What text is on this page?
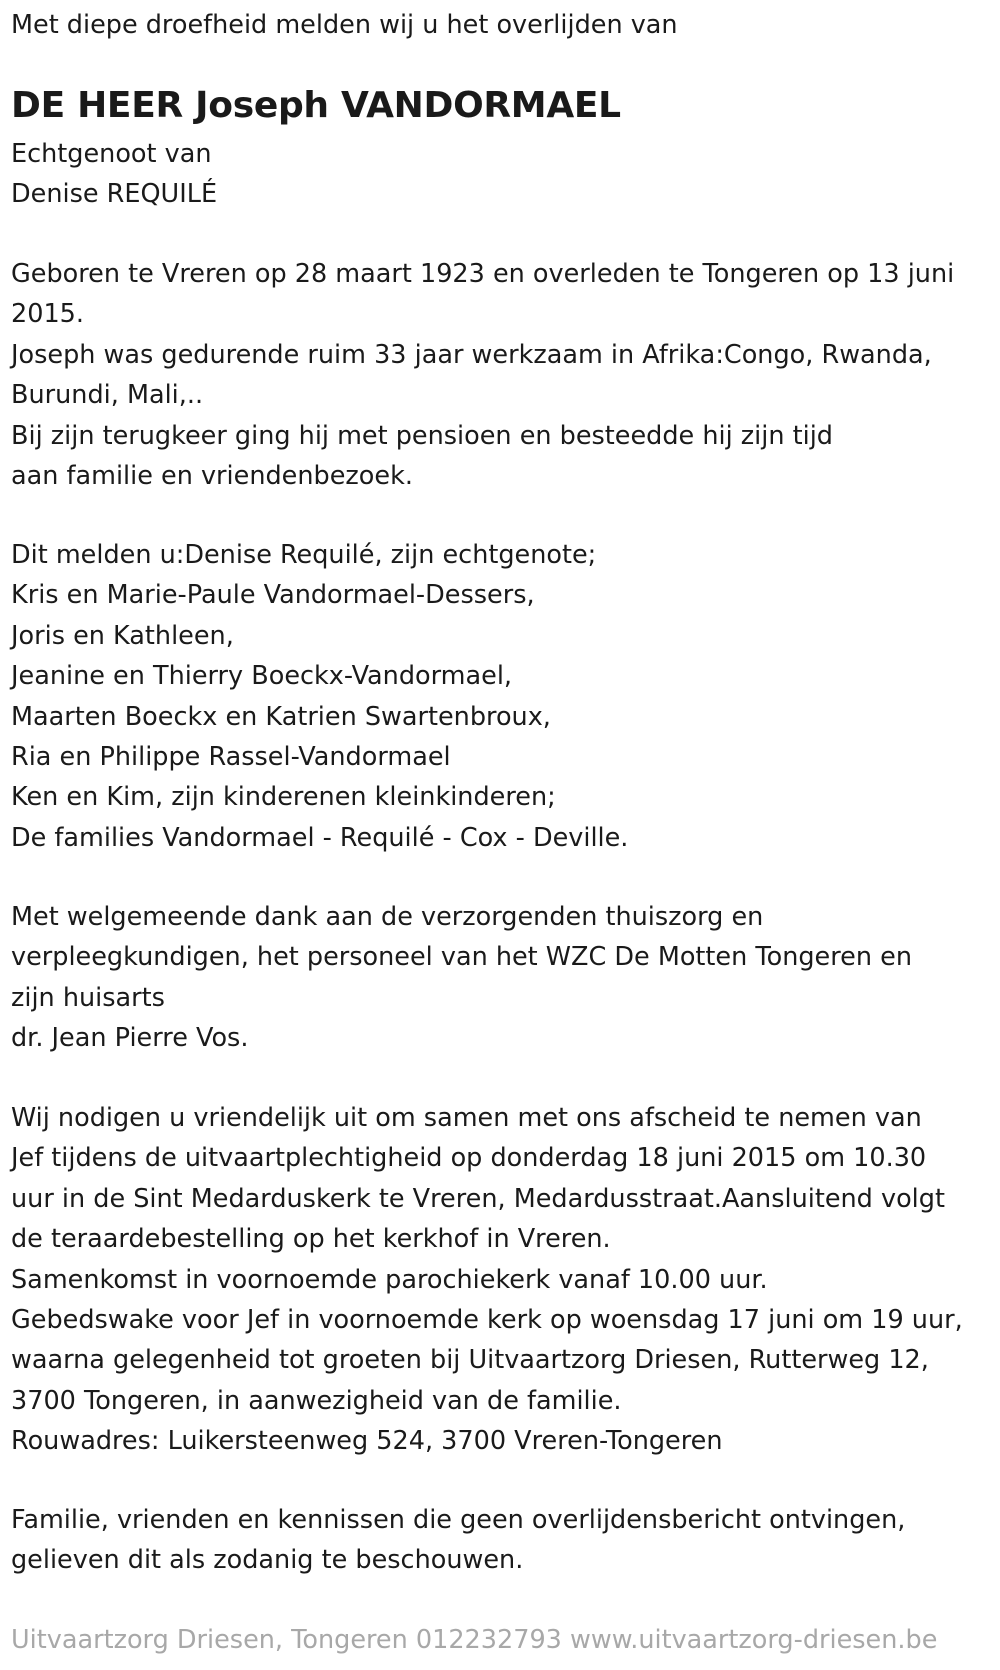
Met diepe droefheid melden wij u het overlijden van
DE HEER Joseph VANDORMAEL
Echtgenoot van
Denise REQUILÉ
Geboren te Vreren op 28 maart 1923 en overleden te Tongeren op 13 juni
2015.
Joseph was gedurende ruim 33 jaar werkzaam in Afrika:Congo, Rwanda,
Burundi, Mali,..
Bij zijn terugkeer ging hij met pensioen en besteedde hij zijn tijd
aan familie en vriendenbezoek.
Dit melden u:Denise Requilé, zijn echtgenote;
Kris en Marie-Paule Vandormael-Dessers,
Joris en Kathleen,
Jeanine en Thierry Boeckx-Vandormael,
Maarten Boeckx en Katrien Swartenbroux,
Ria en Philippe Rassel-Vandormael
Ken en Kim, zijn kinderenen kleinkinderen;
De families Vandormael - Requilé - Cox - Deville.
Met welgemeende dank aan de verzorgenden thuiszorg en
verpleegkundigen, het personeel van het WZC De Motten Tongeren en
zijn huisarts
dr. Jean Pierre Vos.
Wij nodigen u vriendelijk uit om samen met ons afscheid te nemen van
Jef tijdens de uitvaartplechtigheid op donderdag 18 juni 2015 om 10.30
uur in de Sint Medarduskerk te Vreren, Medardusstraat.Aansluitend volgt
de teraardebestelling op het kerkhof in Vreren.
Samenkomst in voornoemde parochiekerk vanaf 10.00 uur.
Gebedswake voor Jef in voornoemde kerk op woensdag 17 juni om 19 uur,
waarna gelegenheid tot groeten bij Uitvaartzorg Driesen, Rutterweg 12,
3700 Tongeren, in aanwezigheid van de familie.
Rouwadres: Luikersteenweg 524, 3700 Vreren-Tongeren
Familie, vrienden en kennissen die geen overlijdensbericht ontvingen,
gelieven dit als zodanig te beschouwen.
Uitvaartzorg Driesen, Tongeren 012232793 www.uitvaartzorg-driesen.be
